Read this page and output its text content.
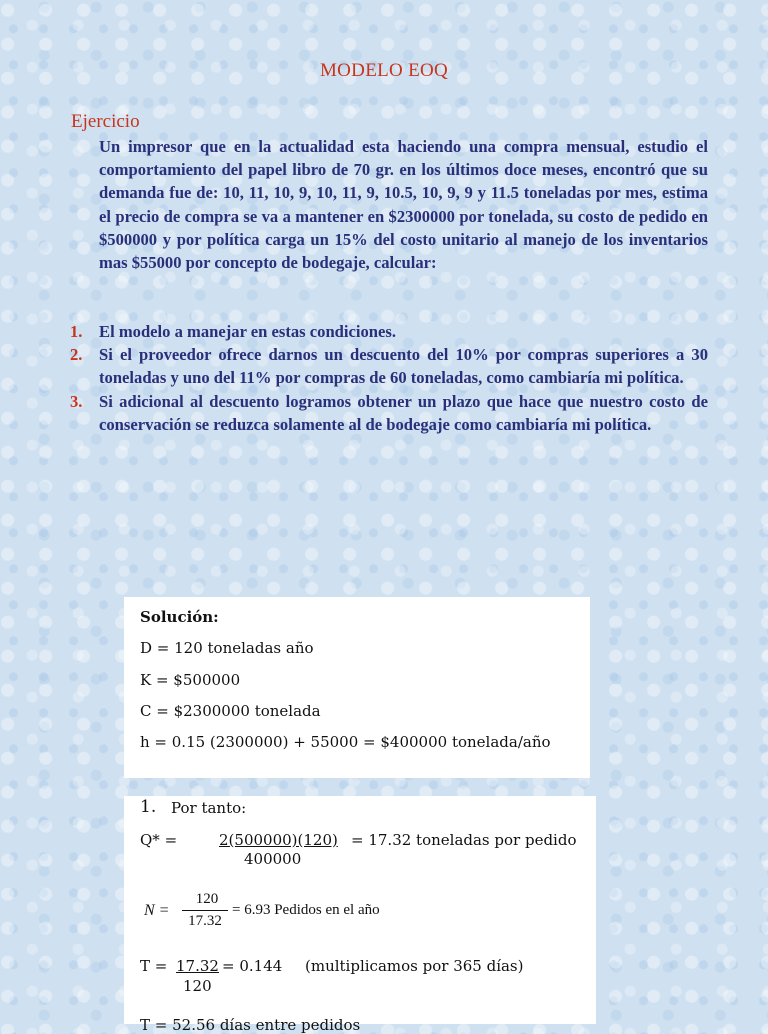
MODELO EOQ
Ejercicio
Un impresor que en la actualidad esta haciendo una compra mensual, estudio el comportamiento del papel libro de 70 gr. en los últimos doce meses, encontró que su demanda fue de: 10, 11, 10, 9, 10, 11, 9, 10.5, 10, 9, 9 y 11.5 toneladas por mes, estima el precio de compra se va a mantener en $2300000 por tonelada, su costo de pedido en $500000 y por política carga un 15% del costo unitario al manejo de los inventarios mas $55000 por concepto de bodegaje, calcular:
1. El modelo a manejar en estas condiciones.
2. Si el proveedor ofrece darnos un descuento del 10% por compras superiores a 30 toneladas y uno del 11% por compras de 60 toneladas, como cambiaría mi política.
3. Si adicional al descuento logramos obtener un plazo que hace que nuestro costo de conservación se reduzca solamente al de bodegaje como cambiaría mi política.
Solución:
D = 120 toneladas año
K = $500000
C = $2300000 tonelada
h = 0.15 (2300000) + 55000 = $400000 tonelada/año
1. Por tanto:
Q* =	2(500000)(120) = 17.32 toneladas por pedido
400000
N =
120
17.32
= 6.93 Pedidos en el año
T = 17.32 = 0.144 (multiplicamos por 365 días)
120
T = 52.56 días entre pedidos
